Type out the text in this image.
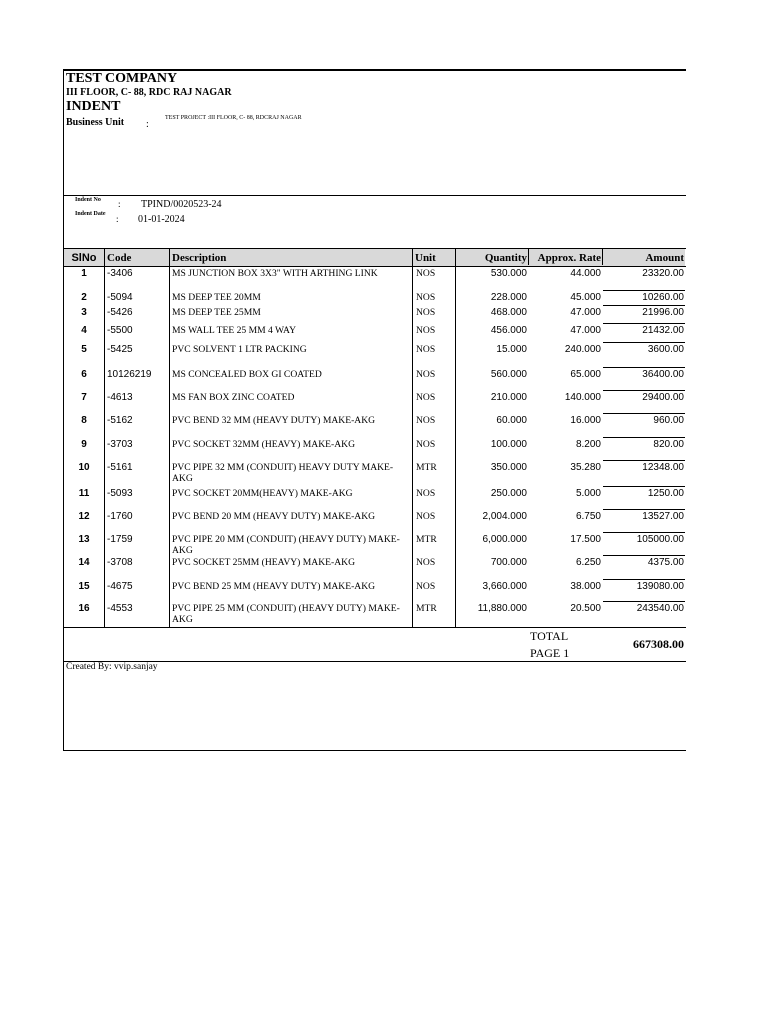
TEST COMPANY
III FLOOR, C- 88, RDC RAJ NAGAR
INDENT
Business Unit :
TEST PROJECT :III FLOOR, C- 88, RDCRAJ NAGAR
Indent No : TPIND/0020523-24
Indent Date : 01-01-2024
SlNo Code	Description	Unit	Quantity Approx. Rate	Amount
1	-3406	MS JUNCTION BOX 3X3" WITH ARTHING LINK	NOS	530.000	44.000	23320.00
2	-5094	MS DEEP TEE 20MM	NOS	228.000	45.000	10260.00
3	-5426	MS DEEP TEE 25MM	NOS	468.000	47.000	21996.00
4	-5500	MS WALL TEE 25 MM 4 WAY	NOS	456.000	47.000	21432.00
5	-5425	PVC SOLVENT 1 LTR PACKING	NOS	15.000	240.000	3600.00
6	10126219 MS CONCEALED BOX GI COATED	NOS	560.000	65.000	36400.00
7	-4613	MS FAN BOX ZINC COATED	NOS	210.000	140.000	29400.00
8	-5162	PVC BEND 32 MM (HEAVY DUTY) MAKE-AKG	NOS	60.000	16.000	960.00
9	-3703	PVC SOCKET 32MM (HEAVY) MAKE-AKG	NOS	100.000	8.200	820.00
10	-5161	PVC PIPE 32 MM (CONDUIT) HEAVY DUTY MAKE-AKG
MTR	350.000	35.280	12348.00
11	-5093	PVC SOCKET 20MM(HEAVY) MAKE-AKG	NOS	250.000	5.000	1250.00
12	-1760	PVC BEND 20 MM (HEAVY DUTY) MAKE-AKG	NOS	2,004.000	6.750	13527.00
13	-1759	PVC PIPE 20 MM (CONDUIT) (HEAVY DUTY) MAKE-AKG
MTR	6,000.000	17.500	105000.00
14	-3708	PVC SOCKET 25MM (HEAVY) MAKE-AKG	NOS	700.000	6.250	4375.00
15	-4675	PVC BEND 25 MM (HEAVY DUTY) MAKE-AKG	NOS	3,660.000	38.000	139080.00
16	-4553	PVC PIPE 25 MM (CONDUIT) (HEAVY DUTY) MAKE-AKG
MTR	11,880.000	20.500	243540.00
TOTAL
PAGE 1
667308.00
Created By: vvip.sanjay
